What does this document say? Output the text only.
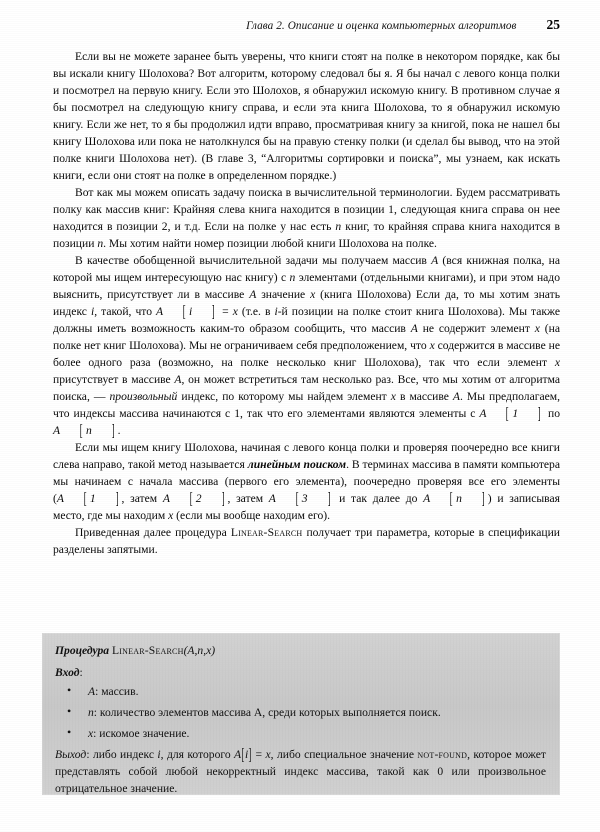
Глава 2. Описание и оценка компьютерных алгоритмов 25

Если вы не можете заранее быть уверены, что книги стоят на полке в некотором порядке, как бы вы искали книгу Шолохова? Вот алгоритм, которому следовал бы я. Я бы начал с левого конца полки и посмотрел на первую книгу. Если это Шолохов, я обнаружил искомую книгу. В противном случае я бы посмотрел на следующую книгу справа, и если эта книга Шолохова, то я обнаружил искомую книгу. Если же нет, то я бы продолжил идти вправо, просматривая книгу за книгой, пока не нашел бы книгу Шолохова или пока не натолкнулся бы на правую стенку полки (и сделал бы вывод, что на этой полке книги Шолохова нет). (В главе 3, “Алгоритмы сортировки и поиска”, мы узнаем, как искать книги, если они стоят на полке в определенном порядке.)

Вот как мы можем описать задачу поиска в вычислительной терминологии. Будем рассматривать полку как массив книг: Крайняя слева книга находится в позиции 1, следующая книга справа он нее находится в позиции 2, и т.д. Если на полке у нас есть n книг, то крайняя справа книга находится в позиции n. Мы хотим найти номер позиции любой книги Шолохова на полке.

В качестве обобщенной вычислительной задачи мы получаем массив A (вся книжная полка, на которой мы ищем интересующую нас книгу) с n элементами (отдельными книгами), и при этом надо выяснить, присутствует ли в массиве A значение x (книга Шолохова) Если да, то мы хотим знать индекс i, такой, что A [ i ] = x (т.е. в i-й позиции на полке стоит книга Шолохова). Мы также должны иметь возможность каким-то образом сообщить, что массив A не содержит элемент x (на полке нет книг Шолохова). Мы не ограничиваем себя предположением, что x содержится в массиве не более одного раза (возможно, на полке несколько книг Шолохова), так что если элемент x присутствует в массиве A, он может встретиться там несколько раз. Все, что мы хотим от алгоритма поиска, — произвольный индекс, по которому мы найдем элемент x в массиве A. Мы предполагаем, что индексы массива начинаются с 1, так что его элементами являются элементы с A [ 1 ] по A [ n ] .

Если мы ищем книгу Шолохова, начиная с левого конца полки и проверяя поочередно все книги слева направо, такой метод называется линейным поиском. В терминах массива в памяти компьютера мы начинаем с начала массива (первого его элемента), поочередно проверяя все его элементы (A [ 1 ] , затем A [ 2 ] , затем A [ 3 ] и так далее до A [ n ] ) и записывая место, где мы находим x (если мы вообще находим его).

Приведенная далее процедура Linear-Search получает три параметра, которые в спецификации разделены запятыми.

Процедура Linear-Search(A,n,x)
Вход:
• A: массив.
• n: количество элементов массива A, среди которых выполняется поиск.
• x: искомое значение.
Выход: либо индекс i, для которого A[i] = x, либо специальное значение not-found, которое может представлять собой любой некорректный индекс массива, такой как 0 или произвольное отрицательное значение.
